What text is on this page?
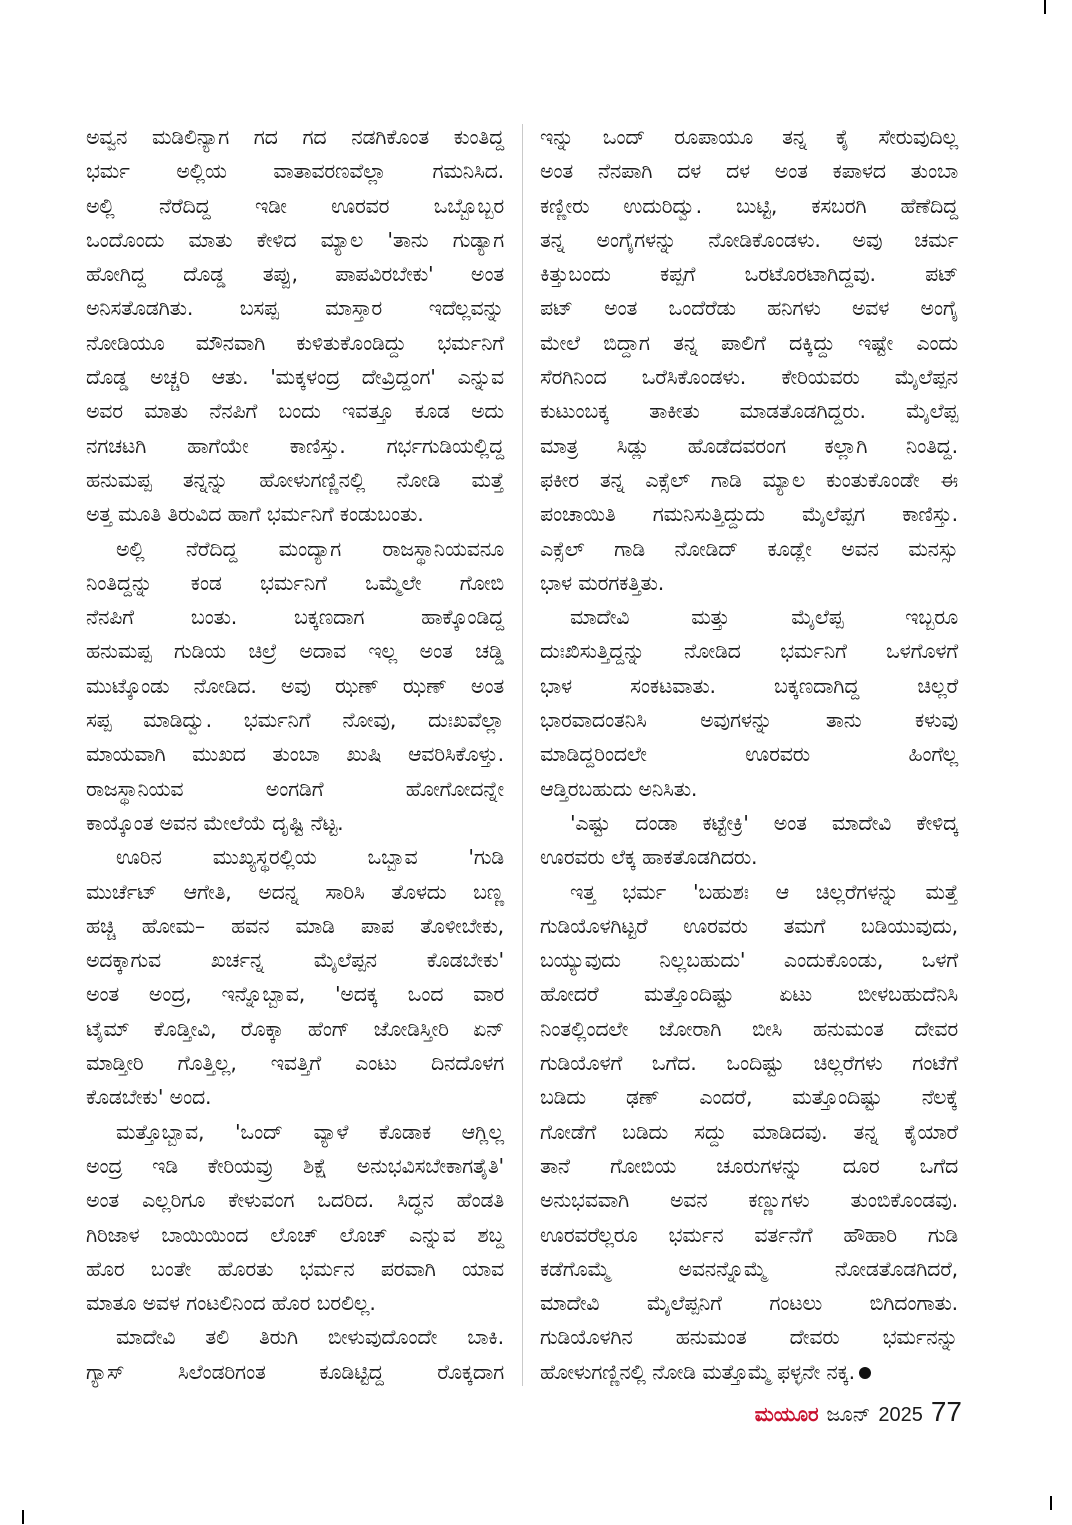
ಅವ್ವನ ಮಡಿಲಿನ್ಯಾಗ ಗದ ಗದ ನಡಗಿಕೊಂತ ಕುಂತಿದ್ದ

ಭರ್ಮ ಅಲ್ಲಿಯ ವಾತಾವರಣವೆಲ್ಲಾ ಗಮನಿಸಿದ.

ಅಲ್ಲಿ ನೆರೆದಿದ್ದ ಇಡೀ ಊರವರ ಒಬ್ಬೊಬ್ಬರ

ಒಂದೊಂದು ಮಾತು ಕೇಳಿದ ಮ್ಯಾಲ 'ತಾನು ಗುಡ್ಯಾಗ

ಹೋಗಿದ್ದ ದೊಡ್ಡ ತಪ್ಪು, ಪಾಪವಿರಬೇಕು' ಅಂತ

ಅನಿಸತೊಡಗಿತು. ಬಸಪ್ಪ ಮಾಸ್ತಾರ ಇದೆಲ್ಲವನ್ನು

ನೋಡಿಯೂ ಮೌನವಾಗಿ ಕುಳಿತುಕೊಂಡಿದ್ದು ಭರ್ಮನಿಗೆ

ದೊಡ್ಡ ಅಚ್ಚರಿ ಆತು. 'ಮಕ್ಕಳಂದ್ರ ದೇವ್ರಿದ್ದಂಗ' ಎನ್ನುವ

ಅವರ ಮಾತು ನೆನಪಿಗೆ ಬಂದು ಇವತ್ತೂ ಕೂಡ ಅದು

ನಗಚಟಗಿ ಹಾಗೆಯೇ ಕಾಣಿಸ್ತು. ಗರ್ಭಗುಡಿಯಲ್ಲಿದ್ದ

ಹನುಮಪ್ಪ ತನ್ನನ್ನು ಹೋಳುಗಣ್ಣಿನಲ್ಲಿ ನೋಡಿ ಮತ್ತೆ

ಅತ್ತ ಮೂತಿ ತಿರುವಿದ ಹಾಗೆ ಭರ್ಮನಿಗೆ ಕಂಡುಬಂತು.

ಅಲ್ಲಿ ನೆರೆದಿದ್ದ ಮಂದ್ಯಾಗ ರಾಜಸ್ಥಾನಿಯವನೂ

ನಿಂತಿದ್ದನ್ನು ಕಂಡ ಭರ್ಮನಿಗೆ ಒಮ್ಮೆಲೇ ಗೋಬಿ

ನೆನಪಿಗೆ ಬಂತು. ಬಕ್ಕಣದಾಗ ಹಾಕ್ಕೊಂಡಿದ್ದ

ಹನುಮಪ್ಪ ಗುಡಿಯ ಚಿಲ್ರೆ ಅದಾವ ಇಲ್ಲ ಅಂತ ಚಡ್ಡಿ

ಮುಟ್ಕೊಂಡು ನೋಡಿದ. ಅವು ಝಣ್ ಝಣ್ ಅಂತ

ಸಪ್ಪ ಮಾಡಿದ್ವು. ಭರ್ಮನಿಗೆ ನೋವು, ದುಃಖವೆಲ್ಲಾ

ಮಾಯವಾಗಿ ಮುಖದ ತುಂಬಾ ಖುಷಿ ಆವರಿಸಿಕೊಳ್ತು.

ರಾಜಸ್ಥಾನಿಯವ ಅಂಗಡಿಗೆ ಹೋಗೋದನ್ನೇ

ಕಾಯ್ಕೊಂತ ಅವನ ಮೇಲೆಯೆ ದೃಷ್ಟಿ ನೆಟ್ಟ.

ಊರಿನ ಮುಖ್ಯಸ್ಥರಲ್ಲಿಯ ಒಬ್ಬಾವ 'ಗುಡಿ

ಮುರ್ಚೆಟ್ ಆಗೇತಿ, ಅದನ್ನ ಸಾರಿಸಿ ತೊಳದು ಬಣ್ಣ

ಹಚ್ಚಿ ಹೋಮ– ಹವನ ಮಾಡಿ ಪಾಪ ತೊಳೀಬೇಕು,

ಅದಕ್ಕಾಗುವ ಖರ್ಚನ್ನ ಮೈಲೆಪ್ಪನ ಕೊಡಬೇಕು'

ಅಂತ ಅಂದ್ರ, ಇನ್ನೊಬ್ಬಾವ, 'ಅದಕ್ಕ ಒಂದ ವಾರ

ಟೈಮ್ ಕೊಡ್ತೀವಿ, ರೊಕ್ಕಾ ಹೆಂಗ್ ಜೋಡಿಸ್ತೀರಿ ಏನ್

ಮಾಡ್ತೀರಿ ಗೊತ್ತಿಲ್ಲ, ಇವತ್ತಿಗೆ ಎಂಟು ದಿನದೊಳಗ

ಕೊಡಬೇಕು' ಅಂದ.

ಮತ್ತೊಬ್ಬಾವ, 'ಒಂದ್ ವ್ಯಾಳೆ ಕೊಡಾಕ ಆಗ್ಲಿಲ್ಲ

ಅಂದ್ರ ಇಡಿ ಕೇರಿಯವ್ರು ಶಿಕ್ಷೆ ಅನುಭವಿಸಬೇಕಾಗತೈತಿ'

ಅಂತ ಎಲ್ಲರಿಗೂ ಕೇಳುವಂಗ ಒದರಿದ. ಸಿದ್ಧನ ಹೆಂಡತಿ

ಗಿರಿಜಾಳ ಬಾಯಿಯಿಂದ ಲೊಚ್ ಲೊಚ್ ಎನ್ನುವ ಶಬ್ದ

ಹೊರ ಬಂತೇ ಹೊರತು ಭರ್ಮನ ಪರವಾಗಿ ಯಾವ

ಮಾತೂ ಅವಳ ಗಂಟಲಿನಿಂದ ಹೊರ ಬರಲಿಲ್ಲ.

ಮಾದೇವಿ ತಲಿ ತಿರುಗಿ ಬೀಳುವುದೊಂದೇ ಬಾಕಿ.

ಗ್ಯಾಸ್ ಸಿಲೆಂಡರಿಗಂತ ಕೂಡಿಟ್ಟಿದ್ದ ರೊಕ್ಕದಾಗ

ಇನ್ನು ಒಂದ್ ರೂಪಾಯೂ ತನ್ನ ಕೈ ಸೇರುವುದಿಲ್ಲ

ಅಂತ ನೆನಪಾಗಿ ದಳ ದಳ ಅಂತ ಕಪಾಳದ ತುಂಬಾ

ಕಣ್ಣೀರು ಉದುರಿದ್ವು. ಬುಟ್ಟಿ, ಕಸಬರಗಿ ಹೆಣೆದಿದ್ದ

ತನ್ನ ಅಂಗೈಗಳನ್ನು ನೋಡಿಕೊಂಡಳು. ಅವು ಚರ್ಮ

ಕಿತ್ತುಬಂದು ಕಪ್ಪಗೆ ಒರಟೊರಟಾಗಿದ್ದವು. ಪಟ್

ಪಟ್ ಅಂತ ಒಂದೆರೆಡು ಹನಿಗಳು ಅವಳ ಅಂಗೈ

ಮೇಲೆ ಬಿದ್ದಾಗ ತನ್ನ ಪಾಲಿಗೆ ದಕ್ಕಿದ್ದು ಇಷ್ಟೇ ಎಂದು

ಸೆರಗಿನಿಂದ ಒರೆಸಿಕೊಂಡಳು. ಕೇರಿಯವರು ಮೈಲೆಪ್ಪನ

ಕುಟುಂಬಕ್ಕ ತಾಕೀತು ಮಾಡತೊಡಗಿದ್ದರು. ಮೈಲೆಪ್ಪ

ಮಾತ್ರ ಸಿಡ್ಲು ಹೊಡೆದವರಂಗ ಕಲ್ಲಾಗಿ ನಿಂತಿದ್ದ.

ಫಕೀರ ತನ್ನ ಎಕ್ಸೆಲ್ ಗಾಡಿ ಮ್ಯಾಲ ಕುಂತುಕೊಂಡೇ ಈ

ಪಂಚಾಯಿತಿ ಗಮನಿಸುತ್ತಿದ್ದುದು ಮೈಲೆಪ್ಪಗ ಕಾಣಿಸ್ತು.

ಎಕ್ಸೆಲ್ ಗಾಡಿ ನೋಡಿದ್ ಕೂಡ್ಲೇ ಅವನ ಮನಸ್ಸು

ಭಾಳ ಮರಗಕತ್ತಿತು.

ಮಾದೇವಿ ಮತ್ತು ಮೈಲೆಪ್ಪ ಇಬ್ಬರೂ

ದುಃಖಿಸುತ್ತಿದ್ದನ್ನು ನೋಡಿದ ಭರ್ಮನಿಗೆ ಒಳಗೊಳಗೆ

ಭಾಳ ಸಂಕಟವಾತು. ಬಕ್ಕಣದಾಗಿದ್ದ ಚಿಲ್ಲರೆ

ಭಾರವಾದಂತನಿಸಿ ಅವುಗಳನ್ನು ತಾನು ಕಳುವು

ಮಾಡಿದ್ದರಿಂದಲೇ ಊರವರು ಹಿಂಗೆಲ್ಲ

ಆಡ್ತಿರಬಹುದು ಅನಿಸಿತು.

'ಎಷ್ಟು ದಂಡಾ ಕಟ್ಟೇಕ್ರಿ' ಅಂತ ಮಾದೇವಿ ಕೇಳಿದ್ಕ

ಊರವರು ಲೆಕ್ಕ ಹಾಕತೊಡಗಿದರು.

ಇತ್ತ ಭರ್ಮ 'ಬಹುಶಃ ಆ ಚಿಲ್ಲರೆಗಳನ್ನು ಮತ್ತೆ

ಗುಡಿಯೊಳಗಿಟ್ಟರೆ ಊರವರು ತಮಗೆ ಬಡಿಯುವುದು,

ಬಯ್ಯುವುದು ನಿಲ್ಲಬಹುದು' ಎಂದುಕೊಂಡು, ಒಳಗೆ

ಹೋದರೆ ಮತ್ತೊಂದಿಷ್ಟು ಏಟು ಬೀಳಬಹುದೆನಿಸಿ

ನಿಂತಲ್ಲಿಂದಲೇ ಜೋರಾಗಿ ಬೀಸಿ ಹನುಮಂತ ದೇವರ

ಗುಡಿಯೊಳಗೆ ಒಗೆದ. ಒಂದಿಷ್ಟು ಚಿಲ್ಲರೆಗಳು ಗಂಟೆಗೆ

ಬಡಿದು ಢಣ್ ಎಂದರೆ, ಮತ್ತೊಂದಿಷ್ಟು ನೆಲಕ್ಕೆ

ಗೋಡೆಗೆ ಬಡಿದು ಸದ್ದು ಮಾಡಿದವು. ತನ್ನ ಕೈಯಾರೆ

ತಾನೆ ಗೋಬಿಯ ಚೂರುಗಳನ್ನು ದೂರ ಒಗೆದ

ಅನುಭವವಾಗಿ ಅವನ ಕಣ್ಣುಗಳು ತುಂಬಿಕೊಂಡವು.

ಊರವರೆಲ್ಲರೂ ಭರ್ಮನ ವರ್ತನೆಗೆ ಹೌಹಾರಿ ಗುಡಿ

ಕಡೆಗೊಮ್ಮೆ ಅವನನ್ನೊಮ್ಮೆ ನೋಡತೊಡಗಿದರೆ,

ಮಾದೇವಿ ಮೈಲೆಪ್ಪನಿಗೆ ಗಂಟಲು ಬಿಗಿದಂಗಾತು.

ಗುಡಿಯೊಳಗಿನ ಹನುಮಂತ ದೇವರು ಭರ್ಮನನ್ನು

ಹೋಳುಗಣ್ಣಿನಲ್ಲಿ ನೋಡಿ ಮತ್ತೊಮ್ಮೆ ಫಳ್ಳನೇ ನಕ್ಕ.

ಮಯೂರ ಜೂನ್ 2025 77
